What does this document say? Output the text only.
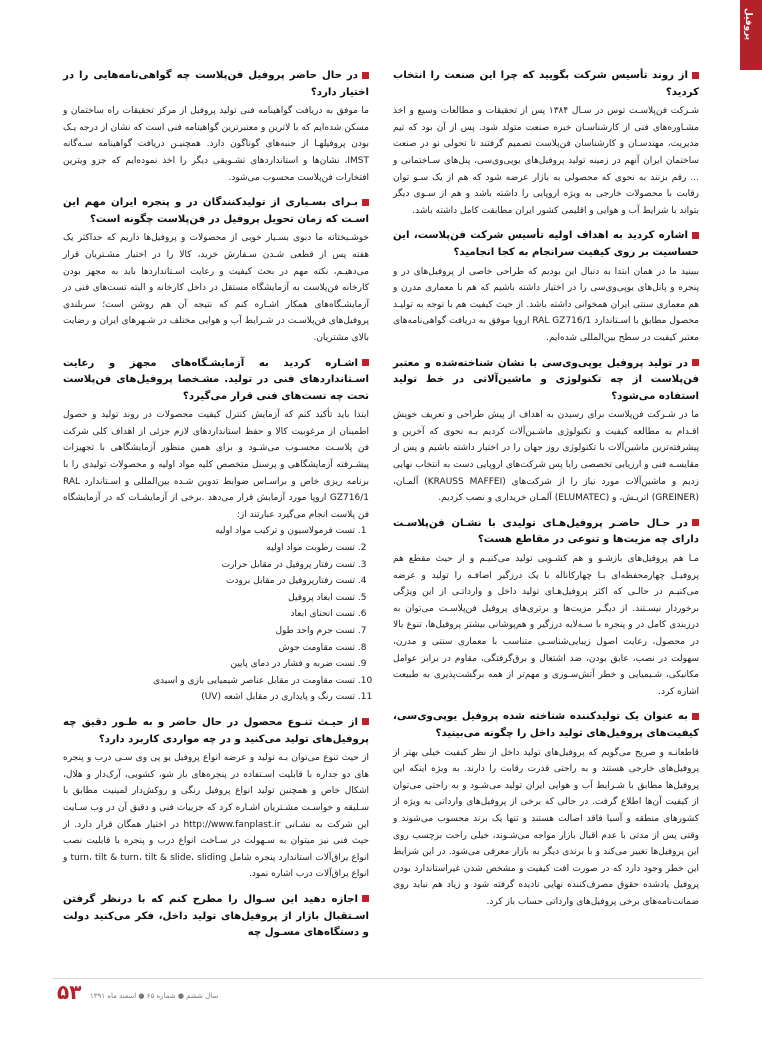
پروفیل

از روند تأسیس شرکت بگویید که چرا این صنعت را انتخاب کردید؟

شـرکت فن‌پلاسـت توس در سـال ۱۳۸۴ پس از تحقیقات و مطالعات وسیع و اخذ مشـاوره‌های فنی از کارشناسـان خبره صنعت متولد شود. پس از آن بود که تیم مدیریت، مهندسـان و کارشناسان فن‌پلاست تصمیم گرفتند تا تحولی نو در صنعت ساختمان ایران آنهم در زمینه تولید پروفیل‌های یوپی‌وی‌سی، پنل‌های سـاختمانی و ... رقم بزنند به نحوی که محصولی به بازار عرضه شود که هم از یک سـو توان رقابت با محصولات خارجی به ویژه اروپایی را داشته باشد و هم از سـوی دیگر بتواند با شرایط آب و هوایی و اقلیمی کشور ایران مطابقت کامل داشته باشد.

اشاره کردید به اهداف اولیه تأسیس شرکت فن‌پلاست، این حساسیت بر روی کیفیت سرانجام به کجا انجامید؟

ببینید ما در همان ابتدا به دنبال این بودیم که طراحی خاصی از پروفیل‌های در و پنجره و پانل‌های یوپی‌وی‌سی را در اختیار داشته باشیم که هم با معماری مدرن و هم معماری سنتی ایران همخوانی داشته باشد. از حیث کیفیت هم با توجه به تولیـد محصول مطابق با اسـتاندارد RAL GZ716/1 اروپا موفق به دریافت گواهی‌نامه‌های معتبر کیفیت در سطح بین‌المللی شده‌ایم.

در تولید پروفیل یوپی‌وی‌سی با نشان شناخته‌شده و معتبر فن‌پلاست از چه تکنولوژی و ماشین‌آلاتی در خط تولید استفاده می‌شود؟

ما در شـرکت فن‌پلاست برای رسیدن به اهداف از پیش طراحی و تعریف خویش اقـدام به مطالعه کیفیت و تکنولوژی ماشـین‌آلات کردیم بـه نحوی که آخرین و پیشرفته‌ترین ماشین‌آلات با تکنولوژی روز جهان را در اختیار داشته باشیم و پس از مقایسـه فنی و ارزیابی تخصصی رایا پس شرکت‌های اروپایی دست به انتخاب نهایی زدیم و ماشین‌آلات مورد نیاز را از شرکت‌های (KRAUSS MAFFEI) آلمـان، (GREINER) اتریـش، و (ELUMATEC) آلمـان خریداری و نصب کردیم.

در حـال حاضـر پروفیل‌هـای تولیدی با نشـان فن‌پلاسـت دارای چه مزیت‌ها و تنوعی در مقاطع هست؟

مـا هم پروفیل‌های بازشـو و هم کشـویی تولید می‌کنیـم و از حیث مقطع هم پروفیـل چهارمحفظه‌ای بـا چهارکاناله با یک درزگیر اضافـه را تولید و عرضه می‌کنیـم در حالـی که اکثر پروفیل‌هـای تولید داخل و وارداتـی از این ویژگی برخوردار نیسـتند. از دیگـر مزیت‌ها و برتری‌های پروفیل فن‌پلاسـت می‌توان به درزبندی کامل در و پنجره با سـه‌لایه درزگیر و هم‌پوشانی بیشتر پروفیل‌ها، تنوع بالا در محصول، رعایت اصول زیبایی‌شناسـی متناسب با معماری سنتی و مدرن، سهولت در نصب، عایق بودن، ضد اشتعال و برق‌گرفتگی، مقاوم در برابر عوامل مکانیکی، شـیمیایی و خطر آتش‌سـوزی و مهم‌تر از همه برگشت‌پذیری به طبیعت اشاره کرد.

به عنوان یک تولیدکننده شناخته شده پروفیل یوپی‌وی‌سی، کیفیت‌های پروفیل‌های تولید داخل را چگونه می‌بینید؟

قاطعانـه و صریح می‌گویم که پروفیل‌های تولید داخل از نظر کیفیت خیلی بهتر از پروفیل‌های خارجی هستند و به راحتی قدرت رقابت را دارند. به ویژه اینکه این پروفیل‌ها مطابق با شـرایط آب و هوایی ایران تولید می‌شـود و به راحتی می‌توان از کیفیت آن‌ها اطلاع گرفت. در حالی که برخی از پروفیل‌های وارداتی به ویژه از کشورهای منطقه و آسیا فاقد اصالت هستند و تنها یک برند محسوب می‌شوند و وقتی پس از مدتی با عدم اقبال بازار مواجه می‌شـوند، خیلی راحت برچسب روی این پروفیل‌ها تغییر می‌کند و با برندی دیگر به بازار معرفی می‌شود. در این شرایط این خطر وجود دارد که در صورت افت کیفیت و مشخص شدن غیراستاندارد بودن پروفیل یادشده حقوق مصرف‌کننده نهایی نادیده گرفته شود و زیاد هم نباید روی ضمانت‌نامه‌های برخی پروفیل‌های وارداتی حساب باز کرد.

در حال حاضر پروفیل فن‌پلاست چه گواهی‌نامه‌هایی را در اختیار دارد؟

ما موفق به دریافت گواهینامه فنی تولید پروفیل از مرکز تحقیقات راه ساختمان و مسکن شده‌ایم که با لاترین و معتبرترین گواهینامه فنی است که نشان از درجه یـک بودن پروفیلهـا از جنبه‌های گوناگون دارد. همچنیـن دریافت گواهینامه سـه‌گانه IMST، نشان‌ها و استانداردهای تشـویقی دیگر را اخذ نموده‌ایم که جزو ویترین افتخارات فن‌پلاست محسوب می‌شود.

بـرای بسـیاری از تولیدکنندگان در و پنجره ایران مهم این اسـت که زمان تحویل پروفیل در فن‌پلاست چگونه است؟

خوشـبختانه ما دبوی بسـیار خوبی از محصولات و پروفیل‌ها داریم که حداکثر یک هفته پس از قطعی شـدن سـفارش خرید، کالا را در اختیار مشـتریان قرار می‌دهیـم، نکته مهم در بحث کیفیت و رعایت اسـتانداردها باید به مجهز بودن کارخانه فن‌پلاست به آزمایشگاه مستقل در داخل کارخانه و البته تست‌های فنی در آزمایشـگاه‌های همکار اشـاره کنم که نتیجه آن هم روشن است؛ سربلندی پروفیل‌های فن‌پلاسـت در شـرایط آب و هوایی مختلف در شـهرهای ایران و رضایت بالای مشتریان.

اشـاره کردید به آزمایشـگاه‌های مجهز و رعایت اسـتانداردهای فنی در تولید. مشـخصا پروفیل‌های فن‌پلاست تحت چه تست‌های فنی قرار می‌گیرد؟

ابتدا باید تأکید کنم که آزمایش کنترل کیفیت محصولات در روند تولید و حصول اطمینان از مرغوبیت کالا و حفظ استانداردهای لازم جزئی از اهداف کلی شرکت فن پلاسـت محسـوب می‌شـود و برای همین منظور آزمایشگاهی با تجهیزات پیشـرفته آزمایشگاهی و پرسنل متخصص کلیه مواد اولیه و محصولات تولیدی را با برنامه ریزی خاص و براسـاس ضوابط تدوین شـده بین‌المللی و اسـتاندارد RAL GZ716/1 اروپا مورد آزمایش قرار می‌دهد .برخی از آزمایشـات که در آزمایشگاه فن پلاست انجام می‌گیرد عبارتند از:

1. تست فرمولاسیون و ترکیب مواد اولیه
2. تست رطوبت مواد اولیه
3. تست رفتار پروفیل در مقابل حرارت
4. تست رفتارپروفیل در مقابل برودت
5. تست ابعاد پروفیل
6. تست انحنای ابعاد
7. تست جرم واحد طول
8. تست مقاومت جوش
9. تست ضربه و فشار در دمای پایین
10. تست مقاومت در مقابل عناصر شیمیایی بازی و اسیدی
11. تست رنگ و پایداری در مقابل اشعه (UV)

از حیـث تنـوع محصول در حال حاضر و به طـور دقیق چه پروفیل‌های تولید می‌کنید و در چه مواردی کاربرد دارد؟

از حیث تنوع می‌توان بـه تولید و عرضه انواع پروفیل یو پی وی سـی درب و پنجره های دو جداره با قابلیت اسـتفاده در پنجره‌های باز شو، کشویی، آرک‌دار و هلال، اشکال خاص و همچنین تولید انواع پروفیل رنگی و روکش‌دار لمینیت مطابق با سـلیقه و خواسـت مشـتریان اشـاره کرد که جزییات فنی و دقیق آن در وب سـایت این شرکت به نشـانی http://www.fanplast.ir در اختیار همگان قرار دارد. از حیث فنی نیز میتوان به سـهولت در سـاخت انواع درب و پنجره با قابلیت نصب انواع یراق‌آلات استاندارد پنجره شامل turn، tilt & turn، tilt & slide، sliding و انواع یراق‌آلات درب اشاره نمود.

اجازه دهید این سـوال را مطرح کنم که با درنظر گرفتن اسـتقبال بازار از پروفیل‌های تولید داخل، فکر می‌کنید دولت و دستگاه‌های مسـول چه

۵۳ سال ششم ● شماره ۶۵ ● اسفند ماه ۱۳۹۱
